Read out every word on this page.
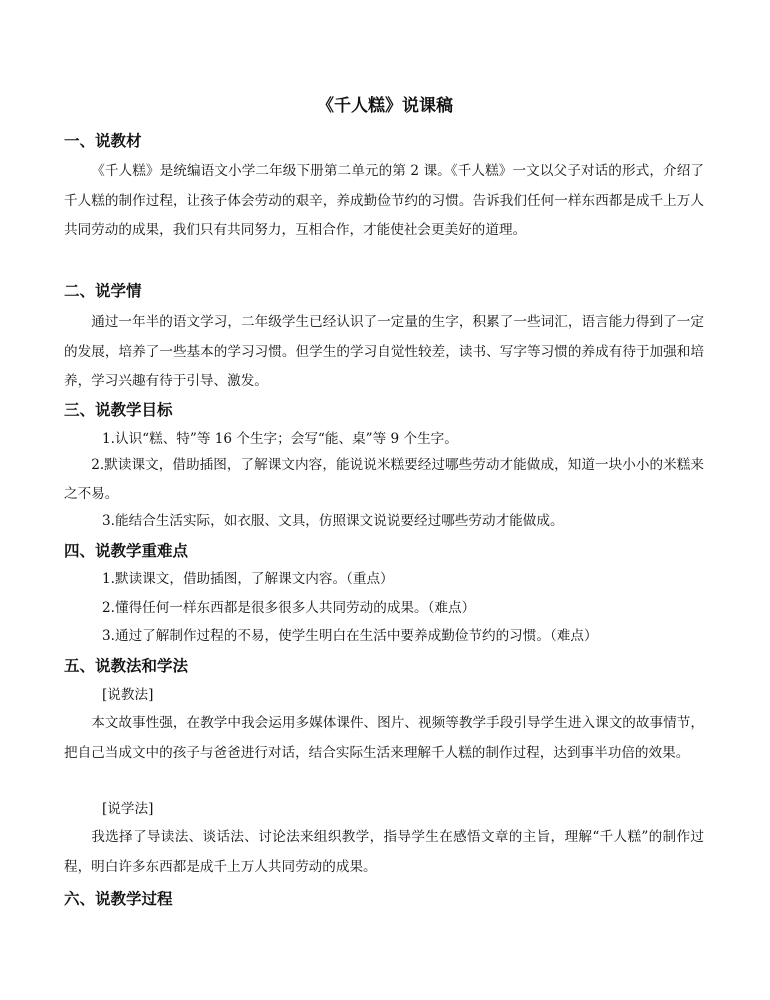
《千人糕》说课稿
一、说教材
《千人糕》是统编语文小学二年级下册第二单元的第 2 课。《千人糕》一文以父子对话的形式，介绍了千人糕的制作过程，让孩子体会劳动的艰辛，养成勤俭节约的习惯。告诉我们任何一样东西都是成千上万人共同劳动的成果，我们只有共同努力，互相合作，才能使社会更美好的道理。
二、说学情
通过一年半的语文学习，二年级学生已经认识了一定量的生字，积累了一些词汇，语言能力得到了一定的发展，培养了一些基本的学习习惯。但学生的学习自觉性较差，读书、写字等习惯的养成有待于加强和培养，学习兴趣有待于引导、激发。
三、说教学目标
1.认识“糕、特”等 16 个生字；会写“能、桌”等 9 个生字。
2.默读课文，借助插图，了解课文内容，能说说米糕要经过哪些劳动才能做成，知道一块小小的米糕来之不易。
3.能结合生活实际，如衣服、文具，仿照课文说说要经过哪些劳动才能做成。
四、说教学重难点
1.默读课文，借助插图，了解课文内容。（重点）
2.懂得任何一样东西都是很多很多人共同劳动的成果。（难点）
3.通过了解制作过程的不易，使学生明白在生活中要养成勤俭节约的习惯。（难点）
五、说教法和学法
[说教法]
本文故事性强，在教学中我会运用多媒体课件、图片、视频等教学手段引导学生进入课文的故事情节，把自己当成文中的孩子与爸爸进行对话，结合实际生活来理解千人糕的制作过程，达到事半功倍的效果。
[说学法]
我选择了导读法、谈话法、讨论法来组织教学，指导学生在感悟文章的主旨，理解“千人糕”的制作过程，明白许多东西都是成千上万人共同劳动的成果。
六、说教学过程
